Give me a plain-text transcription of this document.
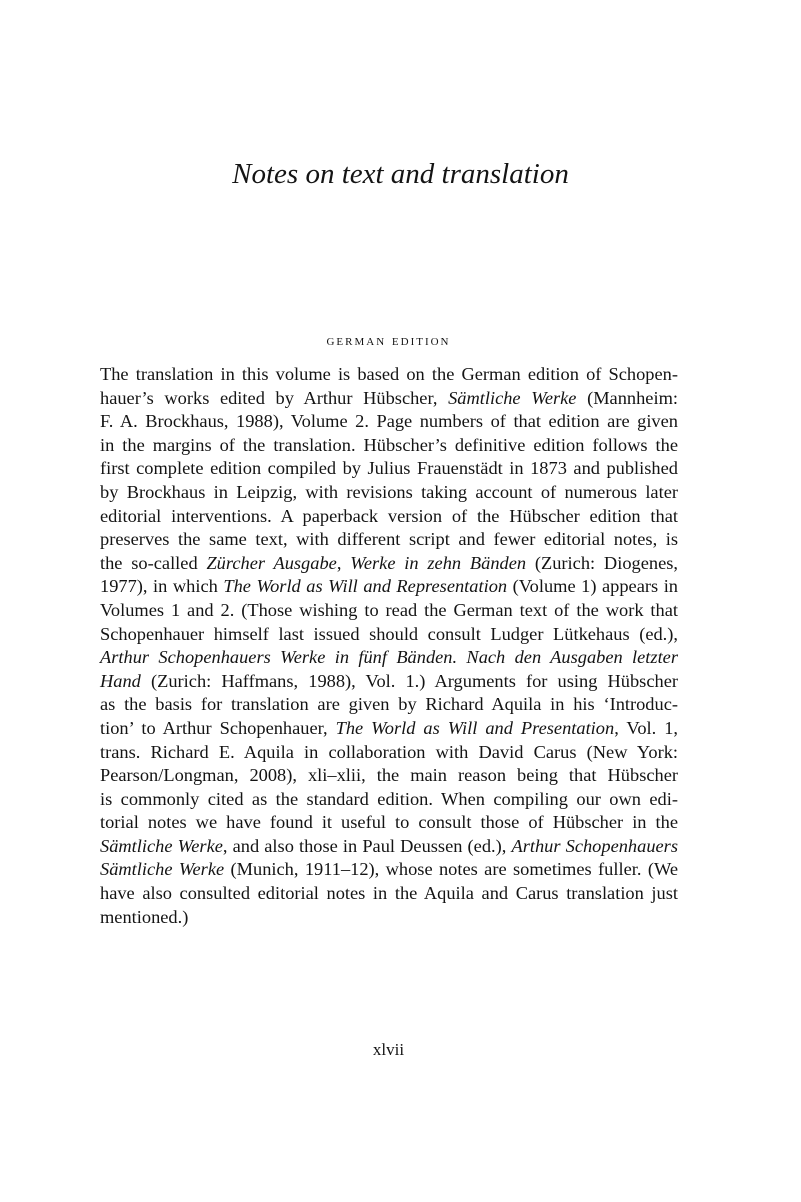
Notes on text and translation
german edition
The translation in this volume is based on the German edition of Schopen-
hauer’s works edited by Arthur Hübscher, Sämtliche Werke (Mannheim:
F. A. Brockhaus, 1988), Volume 2. Page numbers of that edition are given
in the margins of the translation. Hübscher’s definitive edition follows the
first complete edition compiled by Julius Frauenstädt in 1873 and published
by Brockhaus in Leipzig, with revisions taking account of numerous later
editorial interventions. A paperback version of the Hübscher edition that
preserves the same text, with different script and fewer editorial notes, is
the so-called Zürcher Ausgabe, Werke in zehn Bänden (Zurich: Diogenes,
1977), in which The World as Will and Representation (Volume 1) appears in
Volumes 1 and 2. (Those wishing to read the German text of the work that
Schopenhauer himself last issued should consult Ludger Lütkehaus (ed.),
Arthur Schopenhauers Werke in fünf Bänden. Nach den Ausgaben letzter
Hand (Zurich: Haffmans, 1988), Vol. 1.) Arguments for using Hübscher
as the basis for translation are given by Richard Aquila in his ‘Introduc-
tion’ to Arthur Schopenhauer, The World as Will and Presentation, Vol. 1,
trans. Richard E. Aquila in collaboration with David Carus (New York:
Pearson/Longman, 2008), xli–xlii, the main reason being that Hübscher
is commonly cited as the standard edition. When compiling our own edi-
torial notes we have found it useful to consult those of Hübscher in the
Sämtliche Werke, and also those in Paul Deussen (ed.), Arthur Schopenhauers
Sämtliche Werke (Munich, 1911–12), whose notes are sometimes fuller. (We
have also consulted editorial notes in the Aquila and Carus translation just
mentioned.)
xlvii
